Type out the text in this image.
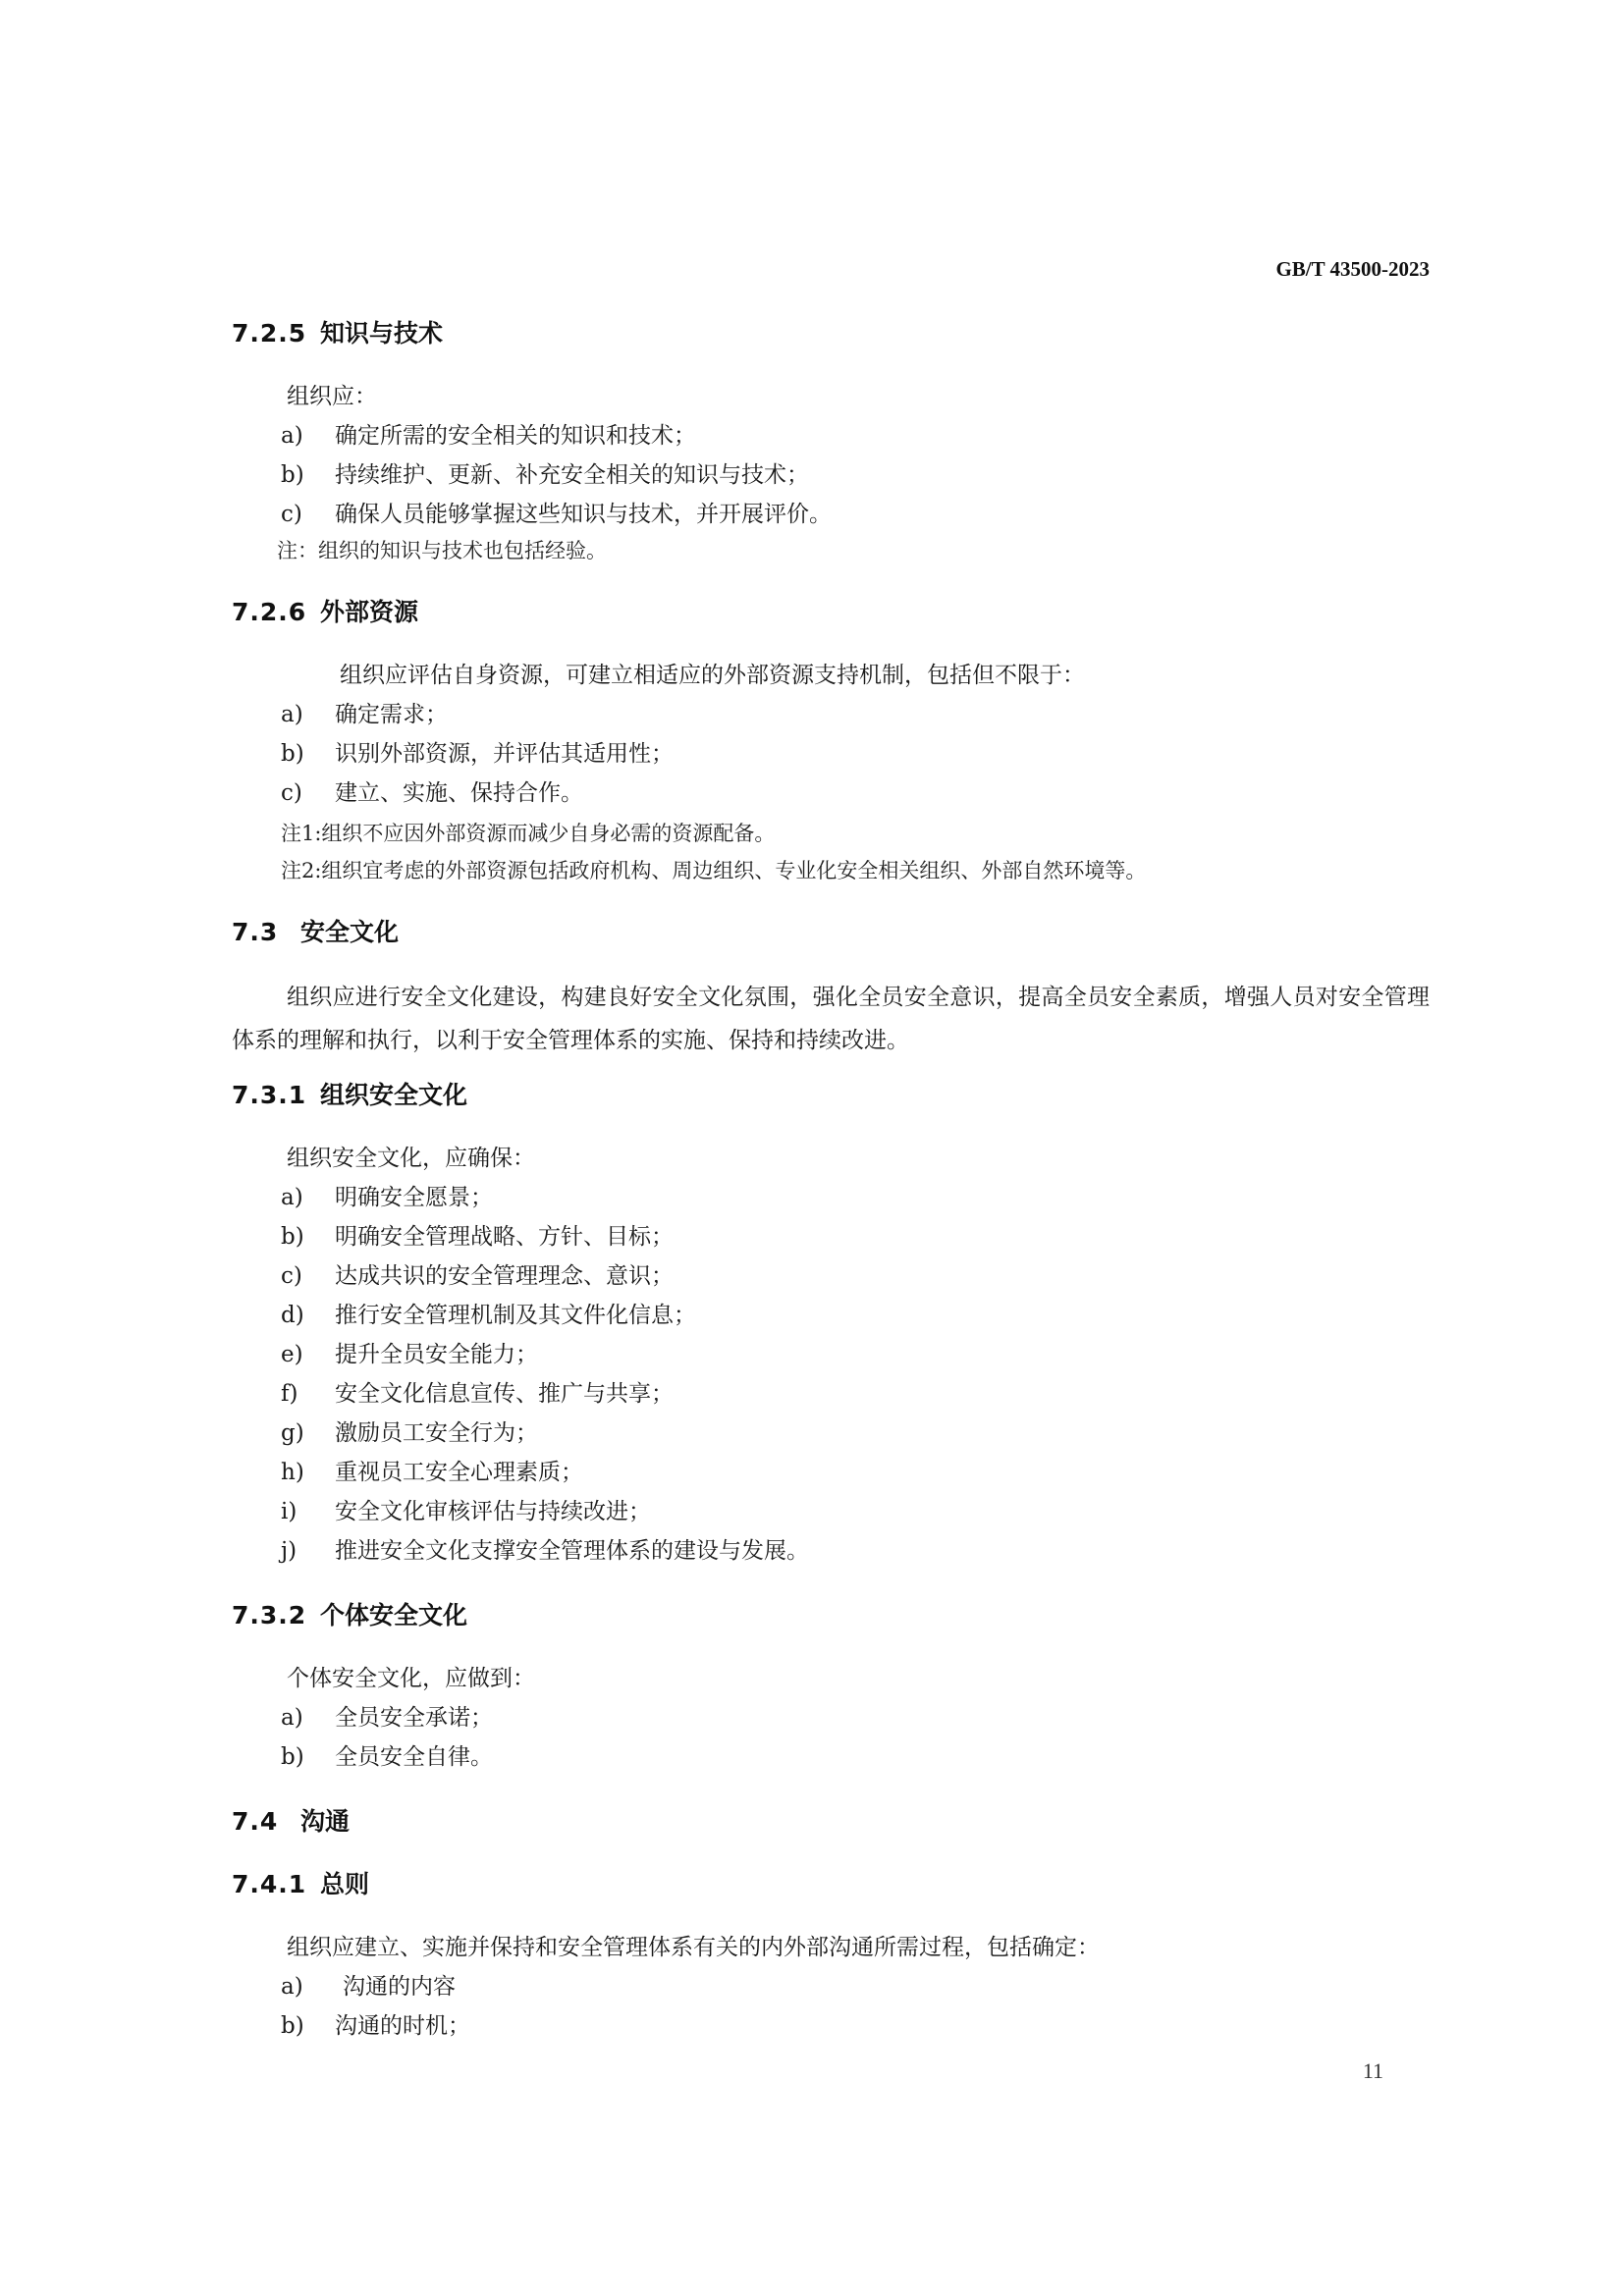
GB/T 43500-2023
7.2.5 知识与技术

组织应：

a)	确定所需的安全相关的知识和技术；
b)	持续维护、更新、补充安全相关的知识与技术；
c)	确保人员能够掌握这些知识与技术，并开展评价。
注：组织的知识与技术也包括经验。
7.2.6 外部资源

组织应评估自身资源，可建立相适应的外部资源支持机制，包括但不限于：

a)	确定需求；
b)	识别外部资源，并评估其适用性；
c)	建立、实施、保持合作。
注1:组织不应因外部资源而减少自身必需的资源配备。
注2:组织宜考虑的外部资源包括政府机构、周边组织、专业化安全相关组织、外部自然环境等。
7.3 安全文化

组织应进行安全文化建设，构建良好安全文化氛围，强化全员安全意识，提高全员安全素质，增强人员对安全管理体系的理解和执行，以利于安全管理体系的实施、保持和持续改进。

7.3.1 组织安全文化

组织安全文化，应确保：

a)	明确安全愿景；
b)	明确安全管理战略、方针、目标；
c)	达成共识的安全管理理念、意识；
d)	推行安全管理机制及其文件化信息；
e)	提升全员安全能力；
f)	安全文化信息宣传、推广与共享；
g)	激励员工安全行为；
h)	重视员工安全心理素质；
i)	安全文化审核评估与持续改进；
j)	推进安全文化支撑安全管理体系的建设与发展。
7.3.2 个体安全文化

个体安全文化，应做到：

a)	全员安全承诺；
b)	全员安全自律。
7.4 沟通
7.4.1 总则

组织应建立、实施并保持和安全管理体系有关的内外部沟通所需过程，包括确定：

a)	沟通的内容
b)	沟通的时机；
11
